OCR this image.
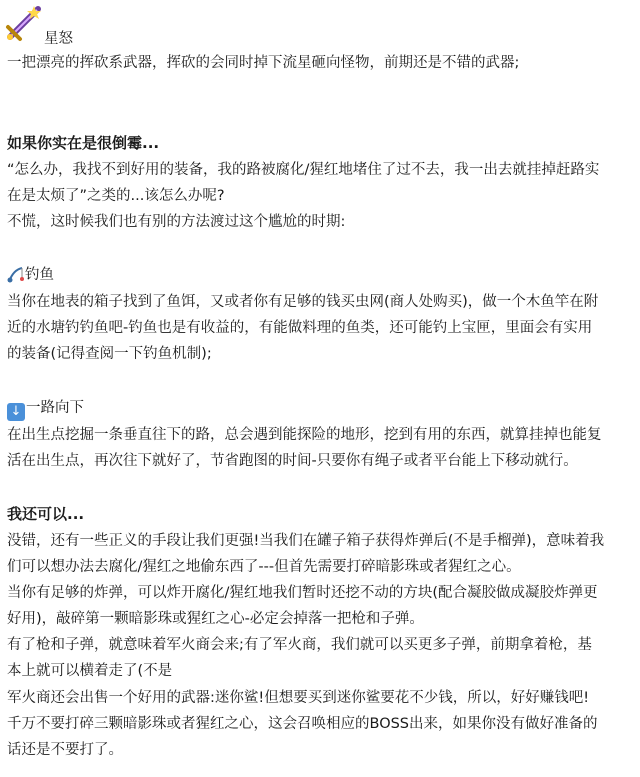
星怒
一把漂亮的挥砍系武器，挥砍的会同时掉下流星砸向怪物，前期还是不错的武器;
如果你实在是很倒霉...
“怎么办，我找不到好用的装备，我的路被腐化/猩红地堵住了过不去，我一出去就挂掉赶路实
在是太烦了”之类的...该怎么办呢?
不慌，这时候我们也有别的方法渡过这个尴尬的时期:
钓鱼
当你在地表的箱子找到了鱼饵，又或者你有足够的钱买虫网(商人处购买)，做一个木鱼竿在附
近的水塘钓钓鱼吧-钓鱼也是有收益的，有能做料理的鱼类，还可能钓上宝匣，里面会有实用
的装备(记得查阅一下钓鱼机制);
↓ 一路向下
在出生点挖掘一条垂直往下的路，总会遇到能探险的地形，挖到有用的东西，就算挂掉也能复
活在出生点，再次往下就好了，节省跑图的时间-只要你有绳子或者平台能上下移动就行。
我还可以...
没错，还有一些正义的手段让我们更强!当我们在罐子箱子获得炸弹后(不是手榴弹)，意味着我
们可以想办法去腐化/猩红之地偷东西了---但首先需要打碎暗影珠或者猩红之心。
当你有足够的炸弹，可以炸开腐化/猩红地我们暂时还挖不动的方块(配合凝胶做成凝胶炸弹更
好用)，敲碎第一颗暗影珠或猩红之心-必定会掉落一把枪和子弹。
有了枪和子弹，就意味着军火商会来;有了军火商，我们就可以买更多子弹，前期拿着枪，基
本上就可以横着走了(不是
军火商还会出售一个好用的武器:迷你鲨!但想要买到迷你鲨要花不少钱，所以，好好赚钱吧!
千万不要打碎三颗暗影珠或者猩红之心，这会召唤相应的BOSS出来，如果你没有做好准备的
话还是不要打了。
